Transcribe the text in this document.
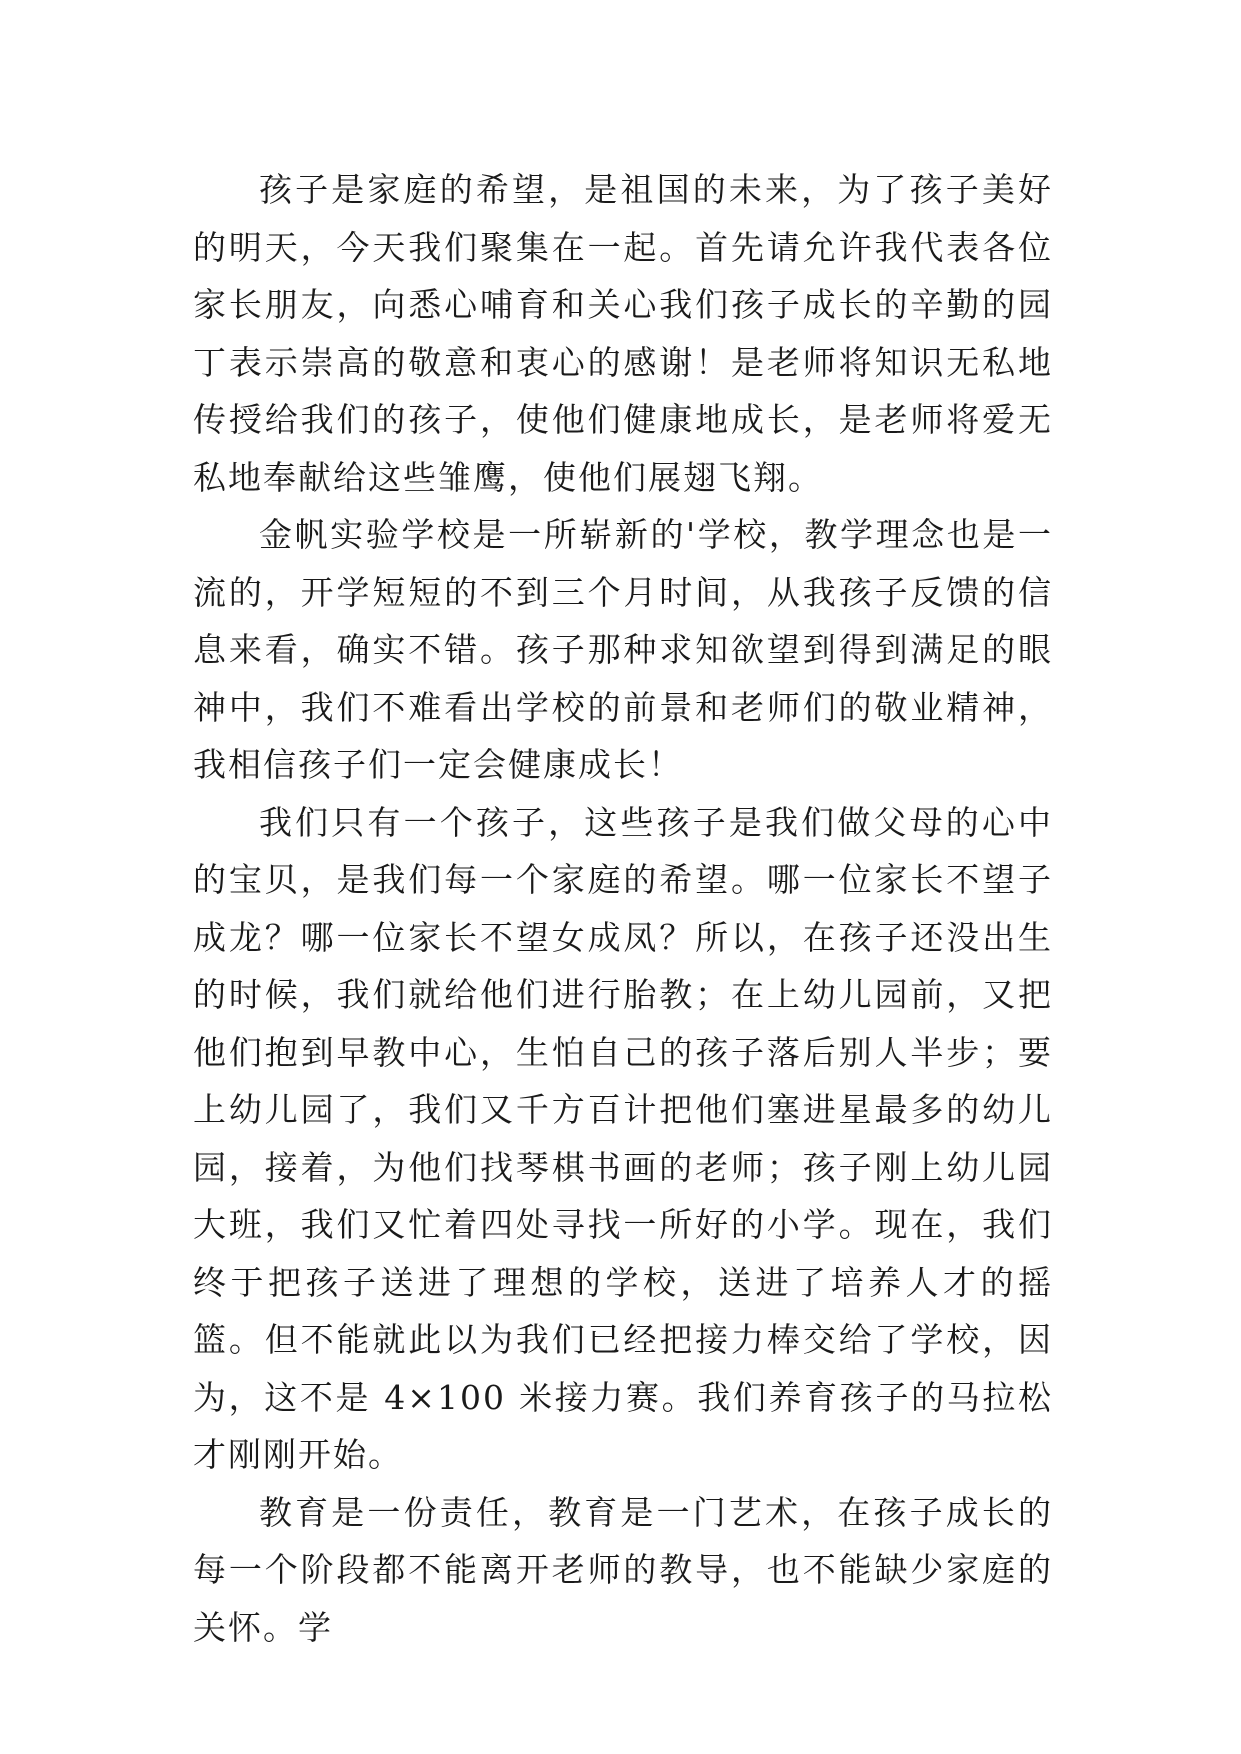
孩子是家庭的希望，是祖国的未来，为了孩子美好的明天，今天我们聚集在一起。首先请允许我代表各位家长朋友，向悉心哺育和关心我们孩子成长的辛勤的园丁表示崇高的敬意和衷心的感谢！是老师将知识无私地传授给我们的孩子，使他们健康地成长，是老师将爱无私地奉献给这些雏鹰，使他们展翅飞翔。

金帆实验学校是一所崭新的'学校，教学理念也是一流的，开学短短的不到三个月时间，从我孩子反馈的信息来看，确实不错。孩子那种求知欲望到得到满足的眼神中，我们不难看出学校的前景和老师们的敬业精神，我相信孩子们一定会健康成长！

我们只有一个孩子，这些孩子是我们做父母的心中的宝贝，是我们每一个家庭的希望。哪一位家长不望子成龙？哪一位家长不望女成凤？所以，在孩子还没出生的时候，我们就给他们进行胎教；在上幼儿园前，又把他们抱到早教中心，生怕自己的孩子落后别人半步；要上幼儿园了，我们又千方百计把他们塞进星最多的幼儿园，接着，为他们找琴棋书画的老师；孩子刚上幼儿园大班，我们又忙着四处寻找一所好的小学。现在，我们终于把孩子送进了理想的学校，送进了培养人才的摇篮。但不能就此以为我们已经把接力棒交给了学校，因为，这不是 4×100 米接力赛。我们养育孩子的马拉松才刚刚开始。

教育是一份责任，教育是一门艺术，在孩子成长的每一个阶段都不能离开老师的教导，也不能缺少家庭的关怀。学
